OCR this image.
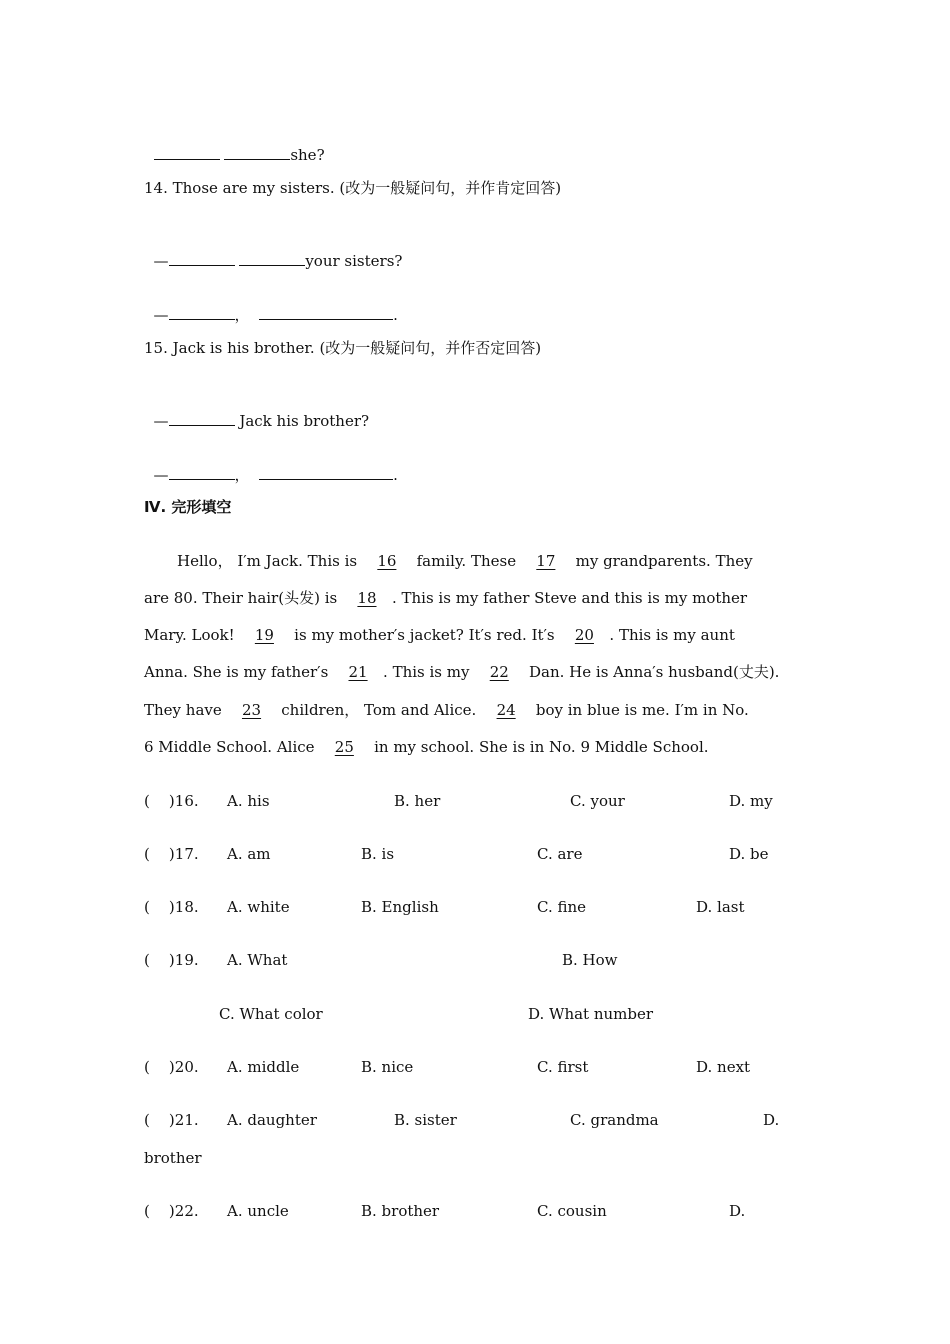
she?

14. Those are my sisters. (改为一般疑问句，并作肯定回答)

—	your sisters?

—	，	.

15. Jack is his brother. (改为一般疑问句，并作否定回答)

—	Jack his brother?

—	，	.

Ⅳ. 完形填空
Hello， I′m Jack. This is 16 family. These 17 my grandparents. They
are 80. Their hair(头发) is 18 . This is my father Steve and this is my mother
Mary. Look! 19 is my mother′s jacket? It′s red. It′s 20 . This is my aunt
Anna. She is my father′s 21 . This is my 22 Dan. He is Anna′s husband(丈夫).
They have 23 children， Tom and Alice. 24 boy in blue is me. I′m in No.
6 Middle School. Alice 25 in my school. She is in No. 9 Middle School.
(    )16. A. his	B. her	C. your	D. my
(    )17. A. am	B. is	C. are	D. be
(    )18. A. white	B. English	C. fine	D. last
(    )19. A. What	B. How
C. What color	D. What number
(    )20. A. middle	B. nice	C. first	D. next
(    )21. A. daughter	B. sister	C. grandma	D.
brother
(    )22. A. uncle	B. brother	C. cousin	D.
